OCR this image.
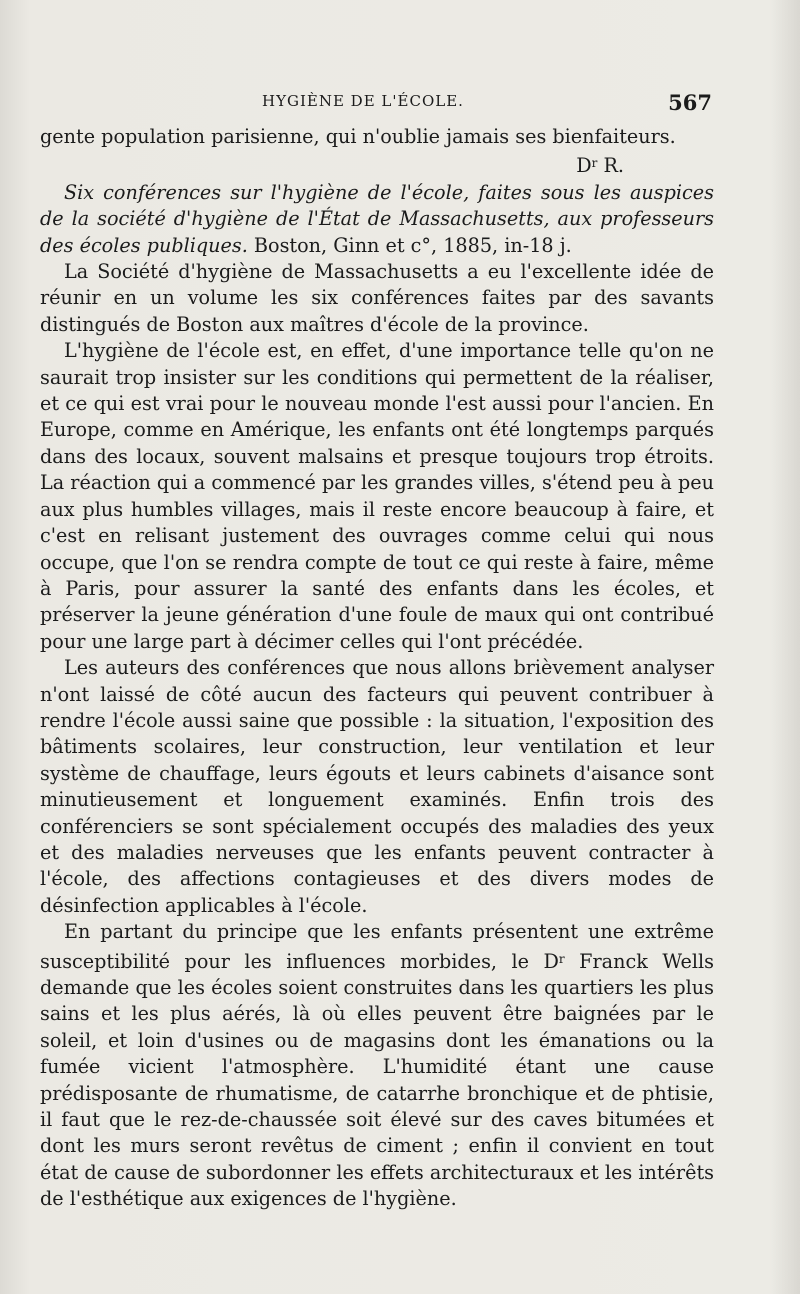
HYGIÈNE DE L'ÉCOLE.	567

gente population parisienne, qui n'oublie jamais ses bienfaiteurs.

$D^r$ R.

Six conférences sur l'hygiène de l'école, faites sous les auspices de la société d'hygiène de l'État de Massachusetts, aux professeurs des écoles publiques. Boston, Ginn et c°, 1885, in-18 j.

La Société d'hygiène de Massachusetts a eu l'excellente idée de réunir en un volume les six conférences faites par des savants distingués de Boston aux maîtres d'école de la province.

L'hygiène de l'école est, en effet, d'une importance telle qu'on ne saurait trop insister sur les conditions qui permettent de la réaliser, et ce qui est vrai pour le nouveau monde l'est aussi pour l'ancien. En Europe, comme en Amérique, les enfants ont été longtemps parqués dans des locaux, souvent malsains et presque toujours trop étroits. La réaction qui a commencé par les grandes villes, s'étend peu à peu aux plus humbles villages, mais il reste encore beaucoup à faire, et c'est en relisant justement des ouvrages comme celui qui nous occupe, que l'on se rendra compte de tout ce qui reste à faire, même à Paris, pour assurer la santé des enfants dans les écoles, et préserver la jeune génération d'une foule de maux qui ont contribué pour une large part à décimer celles qui l'ont précédée.

Les auteurs des conférences que nous allons brièvement analyser n'ont laissé de côté aucun des facteurs qui peuvent contribuer à rendre l'école aussi saine que possible : la situation, l'exposition des bâtiments scolaires, leur construction, leur ventilation et leur système de chauffage, leurs égouts et leurs cabinets d'aisance sont minutieusement et longuement examinés. Enfin trois des conférenciers se sont spécialement occupés des maladies des yeux et des maladies nerveuses que les enfants peuvent contracter à l'école, des affections contagieuses et des divers modes de désinfection applicables à l'école.

En partant du principe que les enfants présentent une extrême susceptibilité pour les influences morbides, le $D^r$ Franck Wells demande que les écoles soient construites dans les quartiers les plus sains et les plus aérés, là où elles peuvent être baignées par le soleil, et loin d'usines ou de magasins dont les émanations ou la fumée vicient l'atmosphère. L'humidité étant une cause prédisposante de rhumatisme, de catarrhe bronchique et de phtisie, il faut que le rez-de-chaussée soit élevé sur des caves bitumées et dont les murs seront revêtus de ciment ; enfin il convient en tout état de cause de subordonner les effets architecturaux et les intérêts de l'esthétique aux exigences de l'hygiène.
